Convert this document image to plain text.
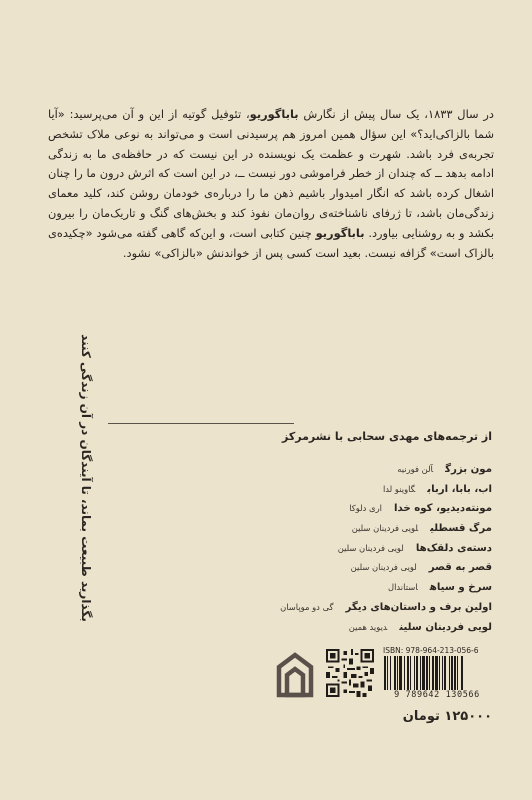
در سال ۱۸۳۳، یک سال پیش از نگارش باباگوریو، تئوفیل گوتیه از این و آن می‌پرسید: «آیا شما بالزاکی‌اید؟» این سؤال همین امروز هم پرسیدنی است و می‌تواند به نوعی ملاک تشخص تجربه‌ی فرد باشد. شهرت و عظمت یک نویسنده در این نیست که در حافظه‌ی ما به زندگی ادامه بدهد ــ که چندان از خطر فراموشی دور نیست ــ، در این است که اثرش درون ما را چنان اشغال کرده باشد که انگار امیدوار باشیم ذهن ما را درباره‌ی خودمان روشن کند، کلید معمای زندگی‌مان باشد، تا ژرفای ناشناخته‌ی روان‌مان نفوذ کند و بخش‌های گنگ و تاریک‌مان را بیرون بکشد و به روشنایی بیاورد. باباگوریو چنین کتابی است، و این‌که گاهی گفته می‌شود «چکیده‌ی بالزاک است» گزافه نیست. بعید است کسی پس از خواندنش «بالزاکی» نشود.

بگذارید طبیعت بماند، تا آیندگان در آن زندگی کنند	از ترجمه‌های مهدی سحابی با نشرمرکز
مون بزرگآلن فورنیه
اب، بابا، اربابگاوینو لدا
مونته‌دیدیو، کوه خدااری دلوکا
مرگ قسطلیلویی فردینان سلین
دسته‌ی دلقک‌هالویی فردینان سلین
قصر به قصرلویی فردینان سلین
سرخ و سیاهاستاندال
اولین برف و داستان‌های دیگرگی دو موپاسان
لویی فردینان سلیندیوید همین
ISBN: 978-964-213-056-6
9 789642 130566
۱۲۵۰۰۰ تومان
